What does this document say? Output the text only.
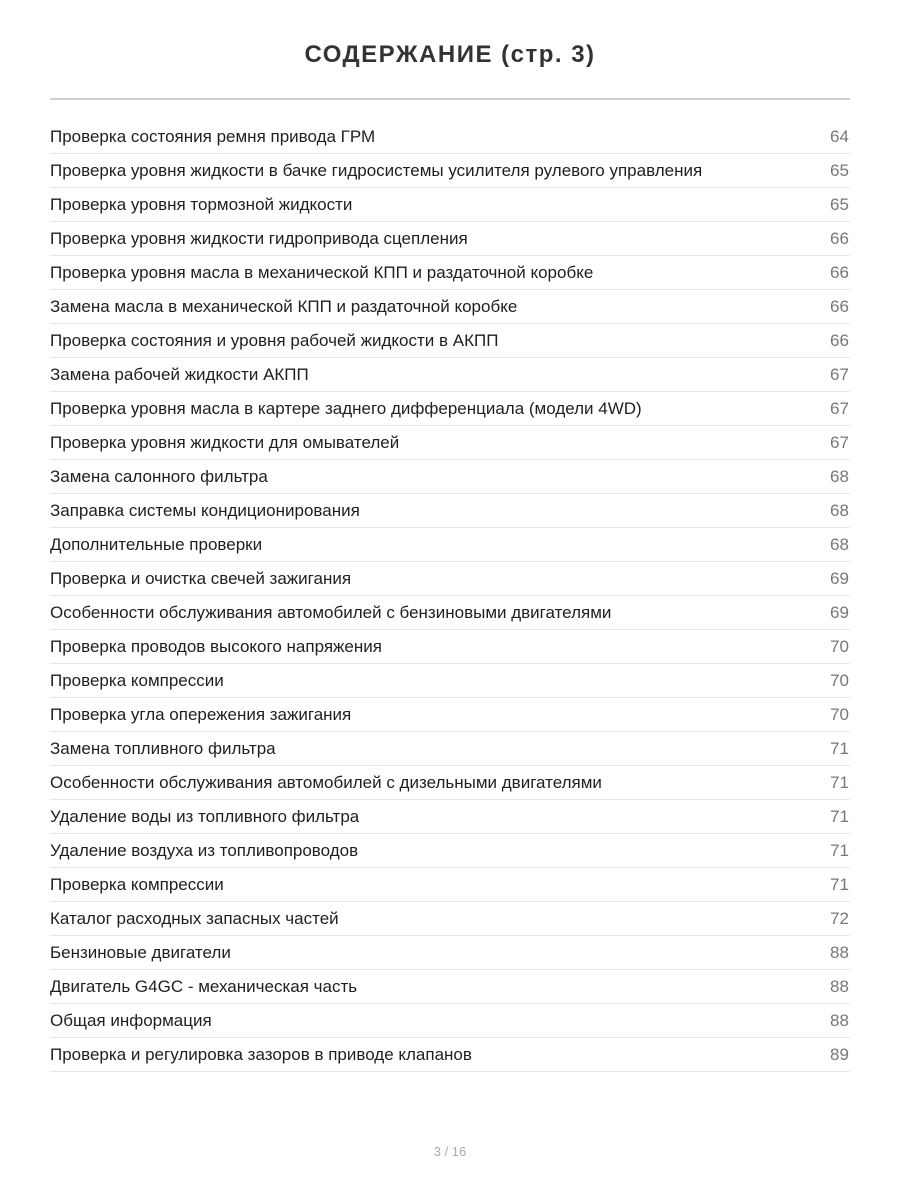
СОДЕРЖАНИЕ (стр. 3)
Проверка состояния ремня привода ГРМ	64
Проверка уровня жидкости в бачке гидросистемы усилителя рулевого управления	65
Проверка уровня тормозной жидкости	65
Проверка уровня жидкости гидропривода сцепления	66
Проверка уровня масла в механической КПП и раздаточной коробке	66
Замена масла в механической КПП и раздаточной коробке	66
Проверка состояния и уровня рабочей жидкости в АКПП	66
Замена рабочей жидкости АКПП	67
Проверка уровня масла в картере заднего дифференциала (модели 4WD)	67
Проверка уровня жидкости для омывателей	67
Замена салонного фильтра	68
Заправка системы кондиционирования	68
Дополнительные проверки	68
Проверка и очистка свечей зажигания	69
Особенности обслуживания автомобилей с бензиновыми двигателями	69
Проверка проводов высокого напряжения	70
Проверка компрессии	70
Проверка угла опережения зажигания	70
Замена топливного фильтра	71
Особенности обслуживания автомобилей с дизельными двигателями	71
Удаление воды из топливного фильтра	71
Удаление воздуха из топливопроводов	71
Проверка компрессии	71
Каталог расходных запасных частей	72
Бензиновые двигатели	88
Двигатель G4GC - механическая часть	88
Общая информация	88
Проверка и регулировка зазоров в приводе клапанов	89
3 / 16
